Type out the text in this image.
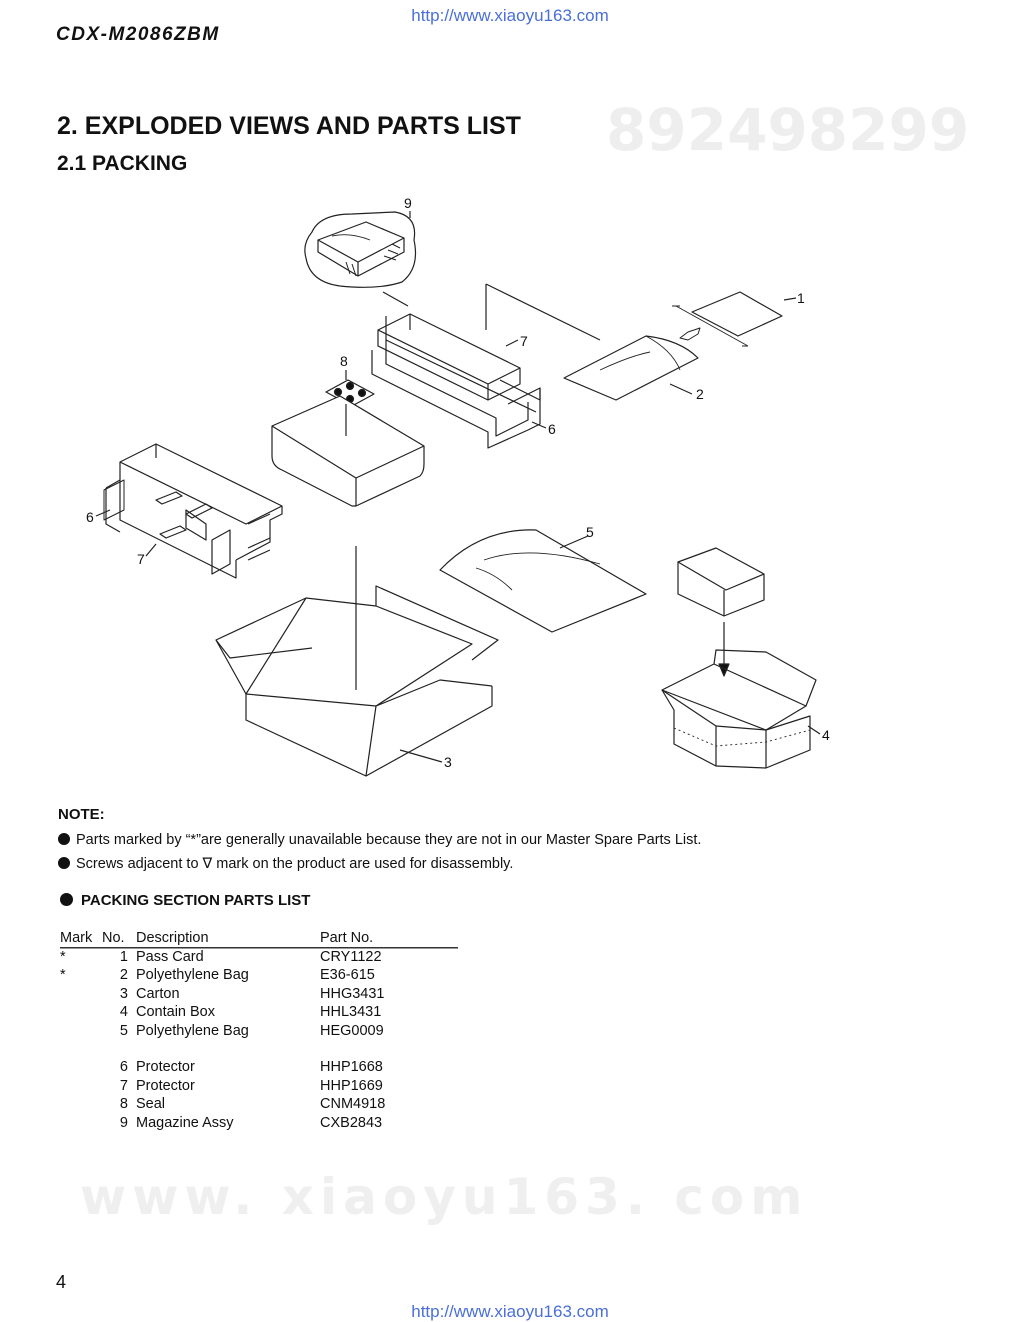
http://www.xiaoyu163.com
CDX-M2086ZBM
892498299
2. EXPLODED VIEWS AND PARTS LIST
2.1 PACKING
9
1
7
8
2
6
6
7
5
3
4
NOTE:
Parts marked by “*”are generally unavailable because they are not in our Master Spare Parts List.
Screws adjacent to ∇ mark on the product are used for disassembly.
PACKING SECTION PARTS LIST
Mark	No.	Description	Part No.
*	1	Pass Card	CRY1122
*	2	Polyethylene Bag	E36-615
	3	Carton	HHG3431
	4	Contain Box	HHL3431
	5	Polyethylene Bag	HEG0009

	6	Protector	HHP1668
	7	Protector	HHP1669
	8	Seal	CNM4918
	9	Magazine Assy	CXB2843
www. xiaoyu163. com
4
http://www.xiaoyu163.com
